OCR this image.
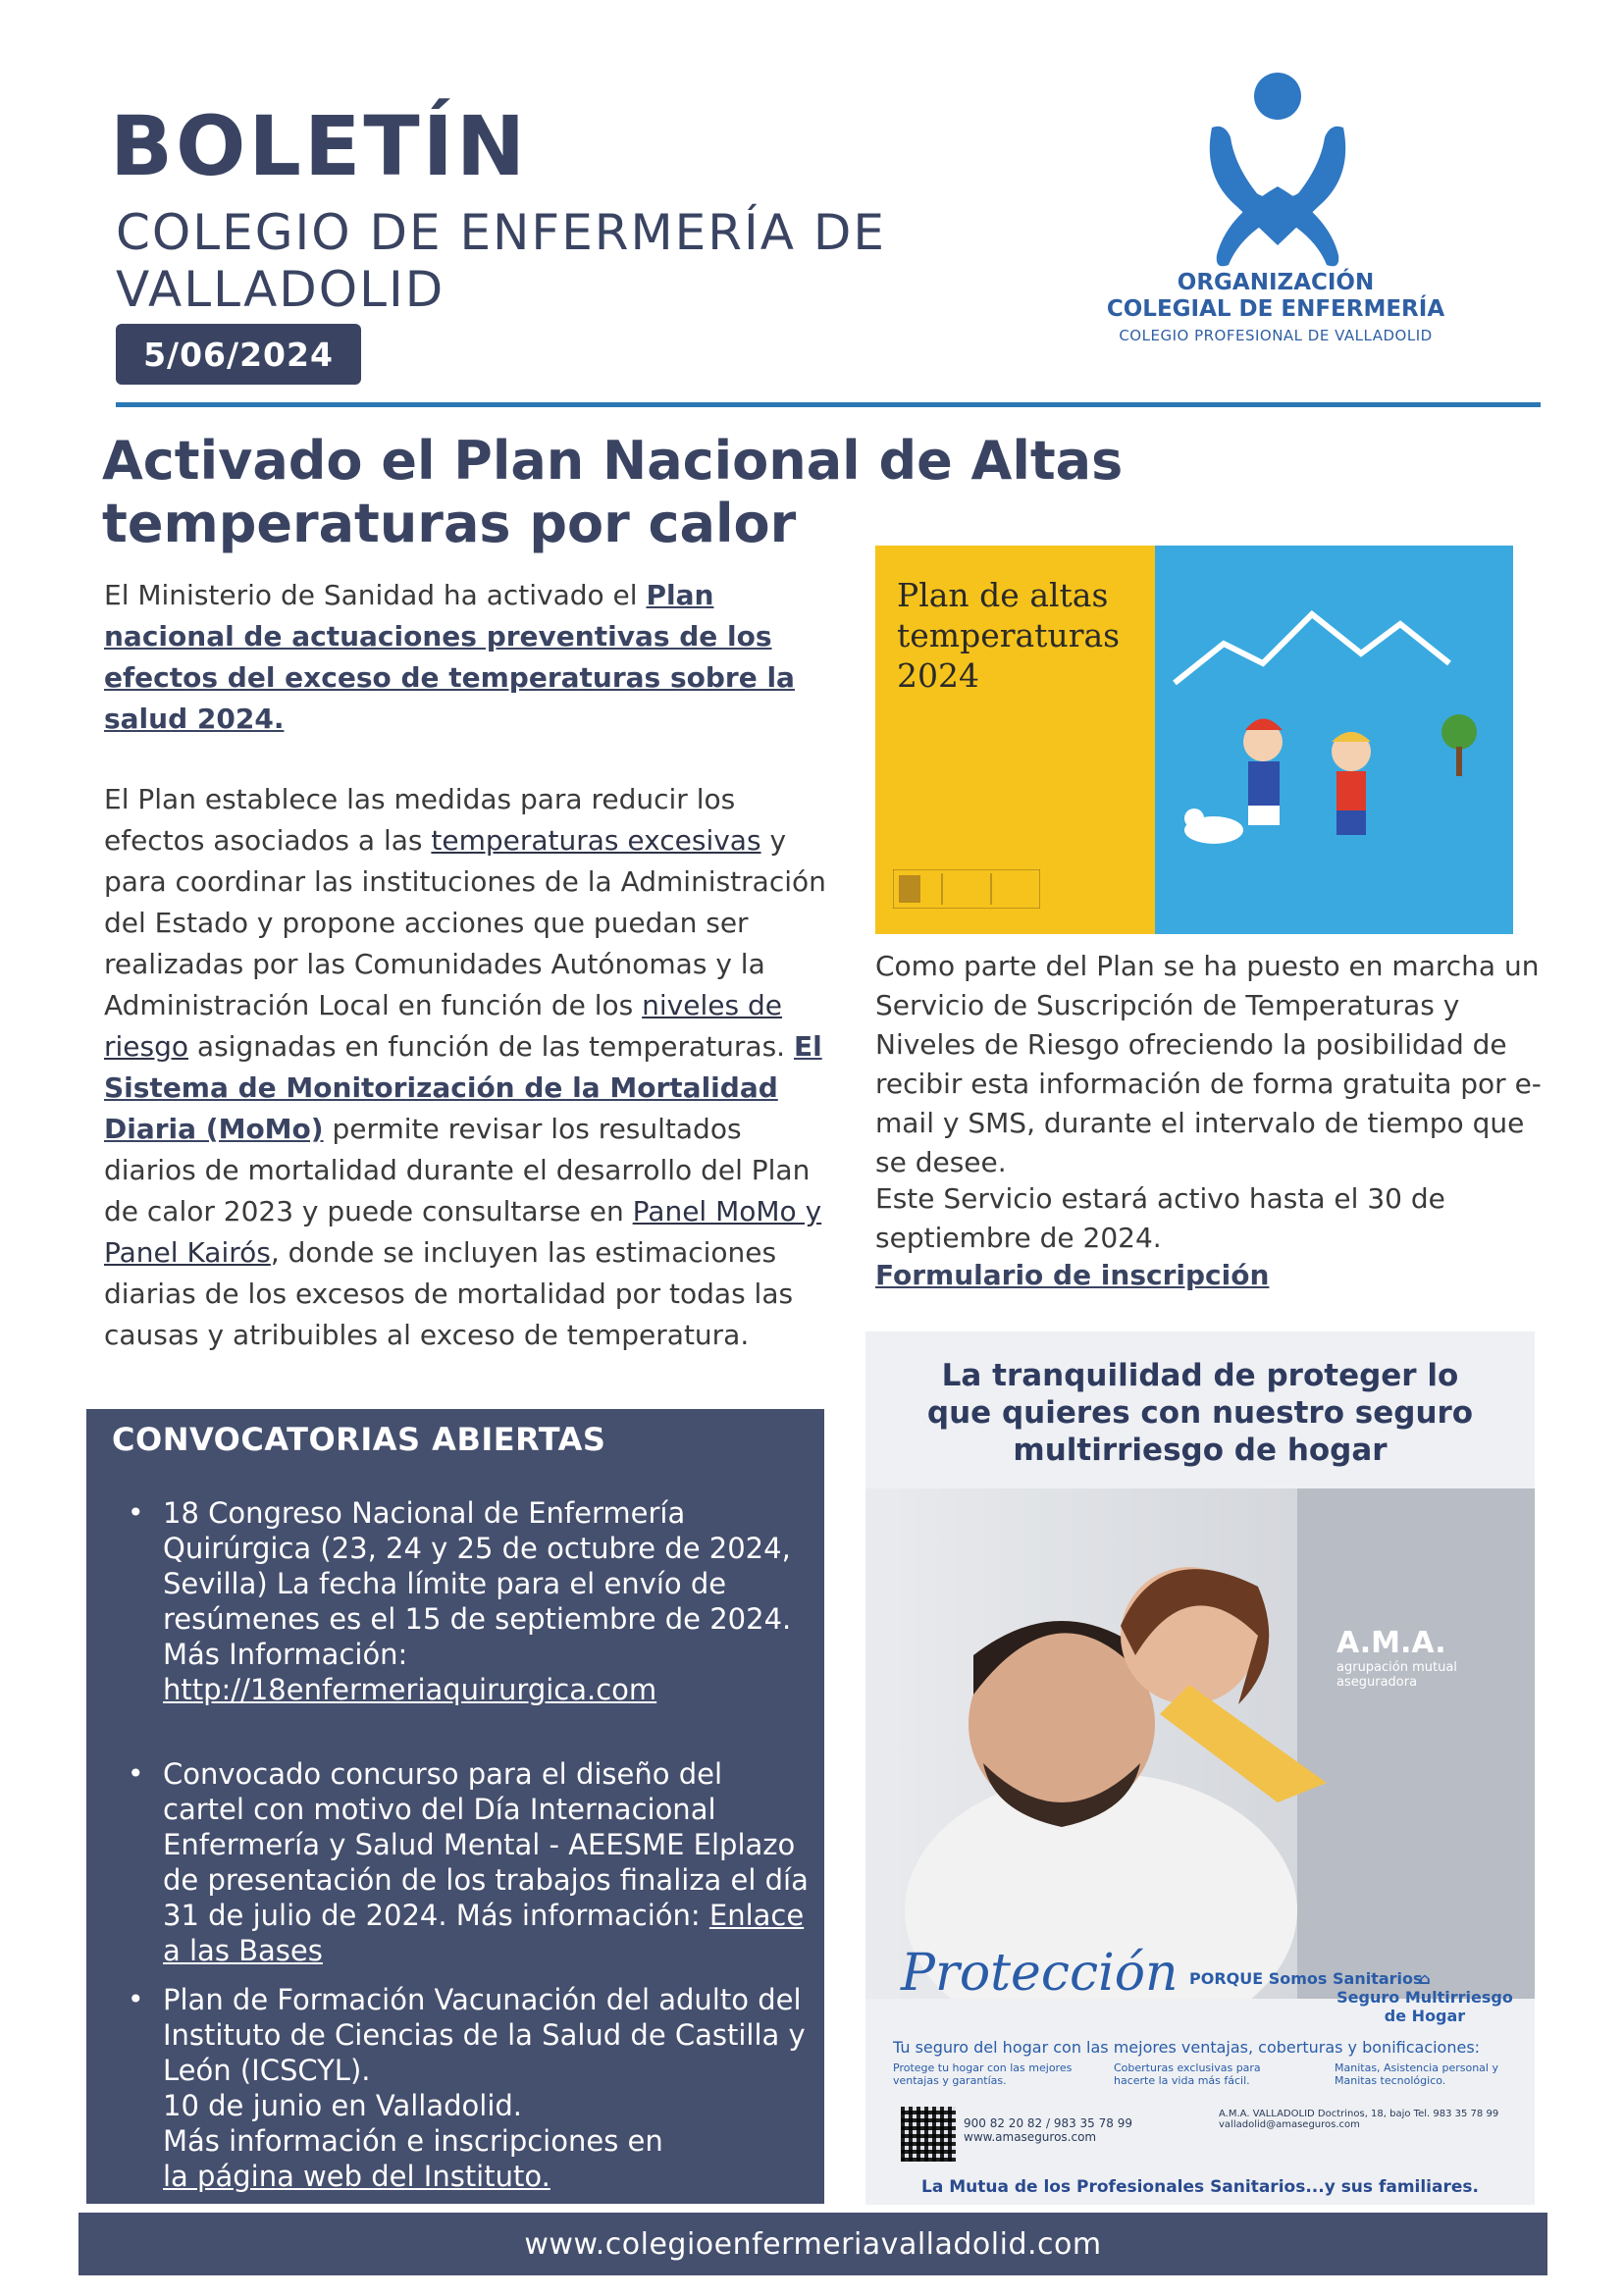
BOLETÍN
COLEGIO DE ENFERMERÍA DE
VALLADOLID
5/06/2024
ORGANIZACIÓN
COLEGIAL DE ENFERMERÍA
COLEGIO PROFESIONAL DE VALLADOLID
Activado el Plan Nacional de Altas
temperaturas por calor
El Ministerio de Sanidad ha activado el Plan nacional de actuaciones preventivas de los efectos del exceso de temperaturas sobre la salud 2024.
El Plan establece las medidas para reducir los efectos asociados a las temperaturas excesivas y para coordinar las instituciones de la Administración del Estado y propone acciones que puedan ser realizadas por las Comunidades Autónomas y la Administración Local en función de los niveles de riesgo asignadas en función de las temperaturas. El Sistema de Monitorización de la Mortalidad Diaria (MoMo) permite revisar los resultados diarios de mortalidad durante el desarrollo del Plan de calor 2023 y puede consultarse en Panel MoMo y Panel Kairós, donde se incluyen las estimaciones diarias de los excesos de mortalidad por todas las causas y atribuibles al exceso de temperatura.
Plan de altas
temperaturas
2024
Como parte del Plan se ha puesto en marcha un Servicio de Suscripción de Temperaturas y Niveles de Riesgo ofreciendo la posibilidad de recibir esta información de forma gratuita por e-mail y SMS, durante el intervalo de tiempo que se desee.
Este Servicio estará activo hasta el 30 de septiembre de 2024.
Formulario de inscripción
CONVOCATORIAS ABIERTAS
• 18 Congreso Nacional de Enfermería Quirúrgica (23, 24 y 25 de octubre de 2024, Sevilla) La fecha límite para el envío de resúmenes es el 15 de septiembre de 2024. Más Información:
http://18enfermeriaquirurgica.com
• Convocado concurso para el diseño del cartel con motivo del Día Internacional Enfermería y Salud Mental - AEESME Elplazo de presentación de los trabajos finaliza el día 31 de julio de 2024. Más información: Enlace a las Bases
• Plan de Formación Vacunación del adulto del Instituto de Ciencias de la Salud de Castilla y León (ICSCYL).
10 de junio en Valladolid.
Más información e inscripciones en
la página web del Instituto.
La tranquilidad de proteger lo
que quieres con nuestro seguro
multirriesgo de hogar
A.M.A.
agrupación mutual aseguradora
Protección PORQUE Somos Sanitarios
⌂
Seguro Multirriesgo de Hogar
Tu seguro del hogar con las mejores ventajas, coberturas y bonificaciones:
Protege tu hogar con las mejores ventajas y garantías.
Coberturas exclusivas para hacerte la vida más fácil.
Manitas, Asistencia personal y Manitas tecnológico.
900 82 20 82 / 983 35 78 99
www.amaseguros.com
A.M.A. VALLADOLID Doctrinos, 18, bajo Tel. 983 35 78 99 valladolid@amaseguros.com
La Mutua de los Profesionales Sanitarios...y sus familiares.
www.colegioenfermeriavalladolid.com
